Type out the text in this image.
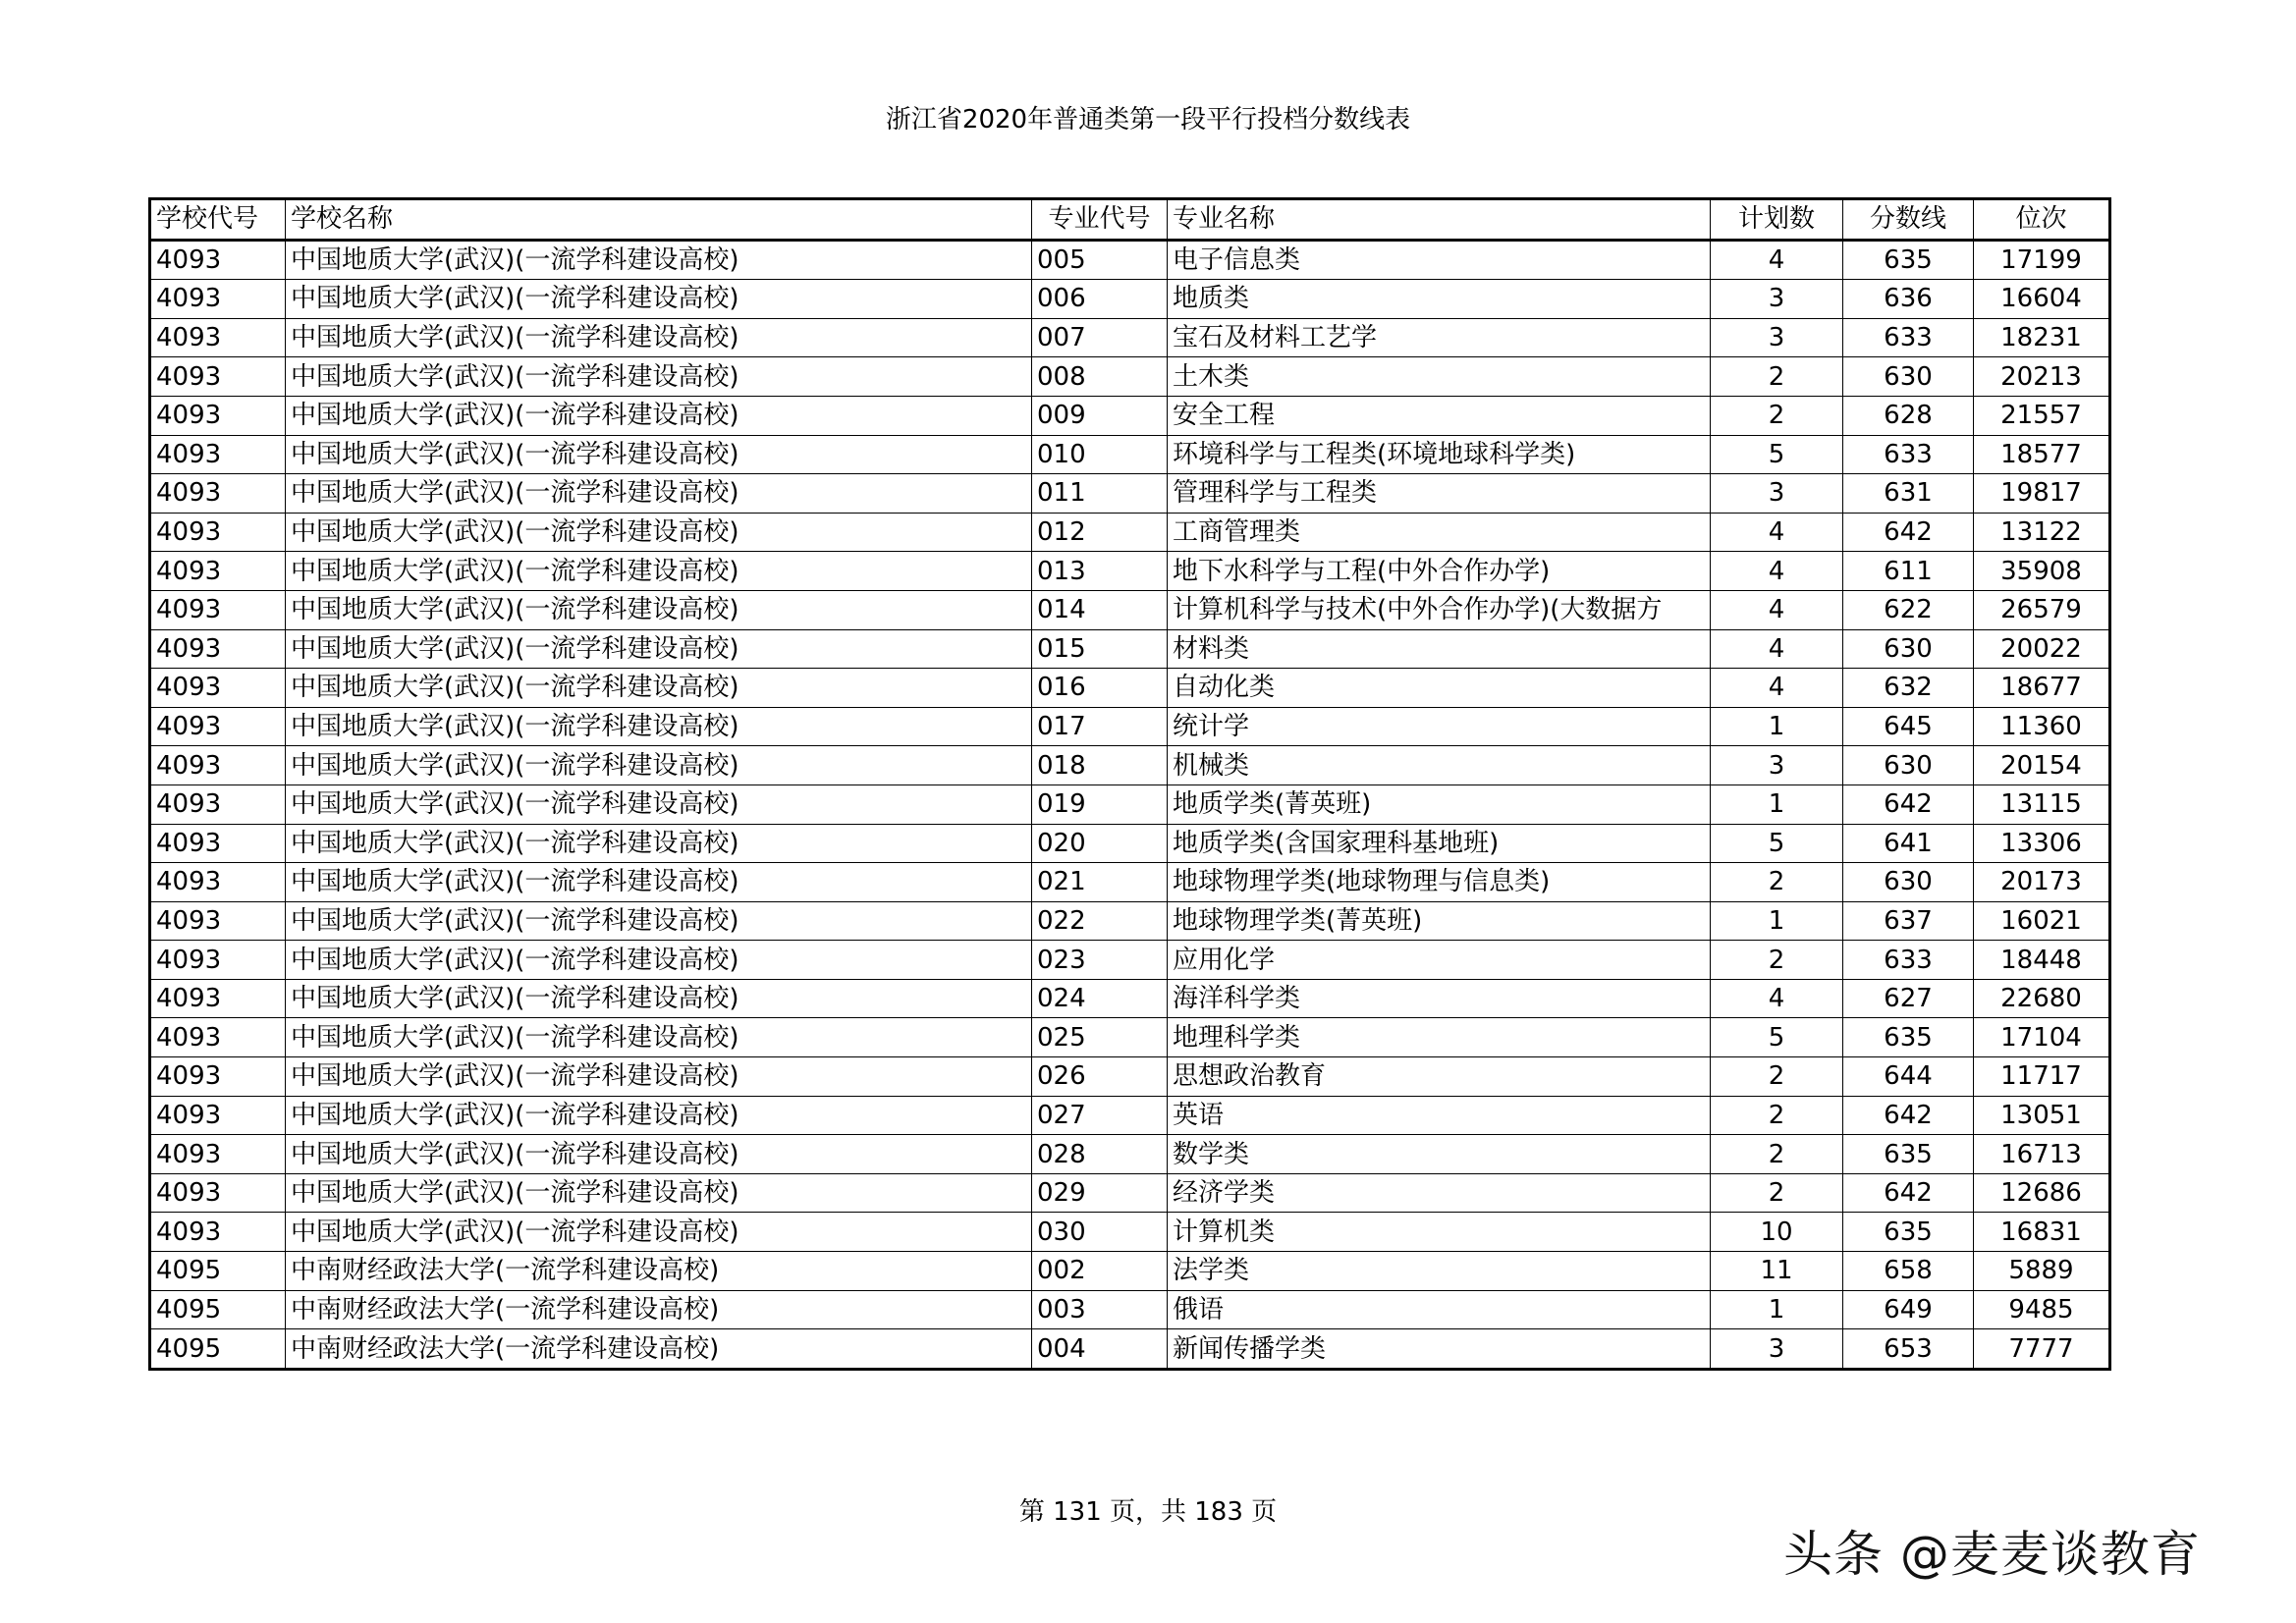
浙江省2020年普通类第一段平行投档分数线表
学校代号	学校名称	专业代号	专业名称	计划数	分数线	位次
4093	中国地质大学(武汉)(一流学科建设高校)	005	电子信息类	4	635	17199
4093	中国地质大学(武汉)(一流学科建设高校)	006	地质类	3	636	16604
4093	中国地质大学(武汉)(一流学科建设高校)	007	宝石及材料工艺学	3	633	18231
4093	中国地质大学(武汉)(一流学科建设高校)	008	土木类	2	630	20213
4093	中国地质大学(武汉)(一流学科建设高校)	009	安全工程	2	628	21557
4093	中国地质大学(武汉)(一流学科建设高校)	010	环境科学与工程类(环境地球科学类)	5	633	18577
4093	中国地质大学(武汉)(一流学科建设高校)	011	管理科学与工程类	3	631	19817
4093	中国地质大学(武汉)(一流学科建设高校)	012	工商管理类	4	642	13122
4093	中国地质大学(武汉)(一流学科建设高校)	013	地下水科学与工程(中外合作办学)	4	611	35908
4093	中国地质大学(武汉)(一流学科建设高校)	014	计算机科学与技术(中外合作办学)(大数据方	4	622	26579
4093	中国地质大学(武汉)(一流学科建设高校)	015	材料类	4	630	20022
4093	中国地质大学(武汉)(一流学科建设高校)	016	自动化类	4	632	18677
4093	中国地质大学(武汉)(一流学科建设高校)	017	统计学	1	645	11360
4093	中国地质大学(武汉)(一流学科建设高校)	018	机械类	3	630	20154
4093	中国地质大学(武汉)(一流学科建设高校)	019	地质学类(菁英班)	1	642	13115
4093	中国地质大学(武汉)(一流学科建设高校)	020	地质学类(含国家理科基地班)	5	641	13306
4093	中国地质大学(武汉)(一流学科建设高校)	021	地球物理学类(地球物理与信息类)	2	630	20173
4093	中国地质大学(武汉)(一流学科建设高校)	022	地球物理学类(菁英班)	1	637	16021
4093	中国地质大学(武汉)(一流学科建设高校)	023	应用化学	2	633	18448
4093	中国地质大学(武汉)(一流学科建设高校)	024	海洋科学类	4	627	22680
4093	中国地质大学(武汉)(一流学科建设高校)	025	地理科学类	5	635	17104
4093	中国地质大学(武汉)(一流学科建设高校)	026	思想政治教育	2	644	11717
4093	中国地质大学(武汉)(一流学科建设高校)	027	英语	2	642	13051
4093	中国地质大学(武汉)(一流学科建设高校)	028	数学类	2	635	16713
4093	中国地质大学(武汉)(一流学科建设高校)	029	经济学类	2	642	12686
4093	中国地质大学(武汉)(一流学科建设高校)	030	计算机类	10	635	16831
4095	中南财经政法大学(一流学科建设高校)	002	法学类	11	658	5889
4095	中南财经政法大学(一流学科建设高校)	003	俄语	1	649	9485
4095	中南财经政法大学(一流学科建设高校)	004	新闻传播学类	3	653	7777
第 131 页，共 183 页
头条 @麦麦谈教育
